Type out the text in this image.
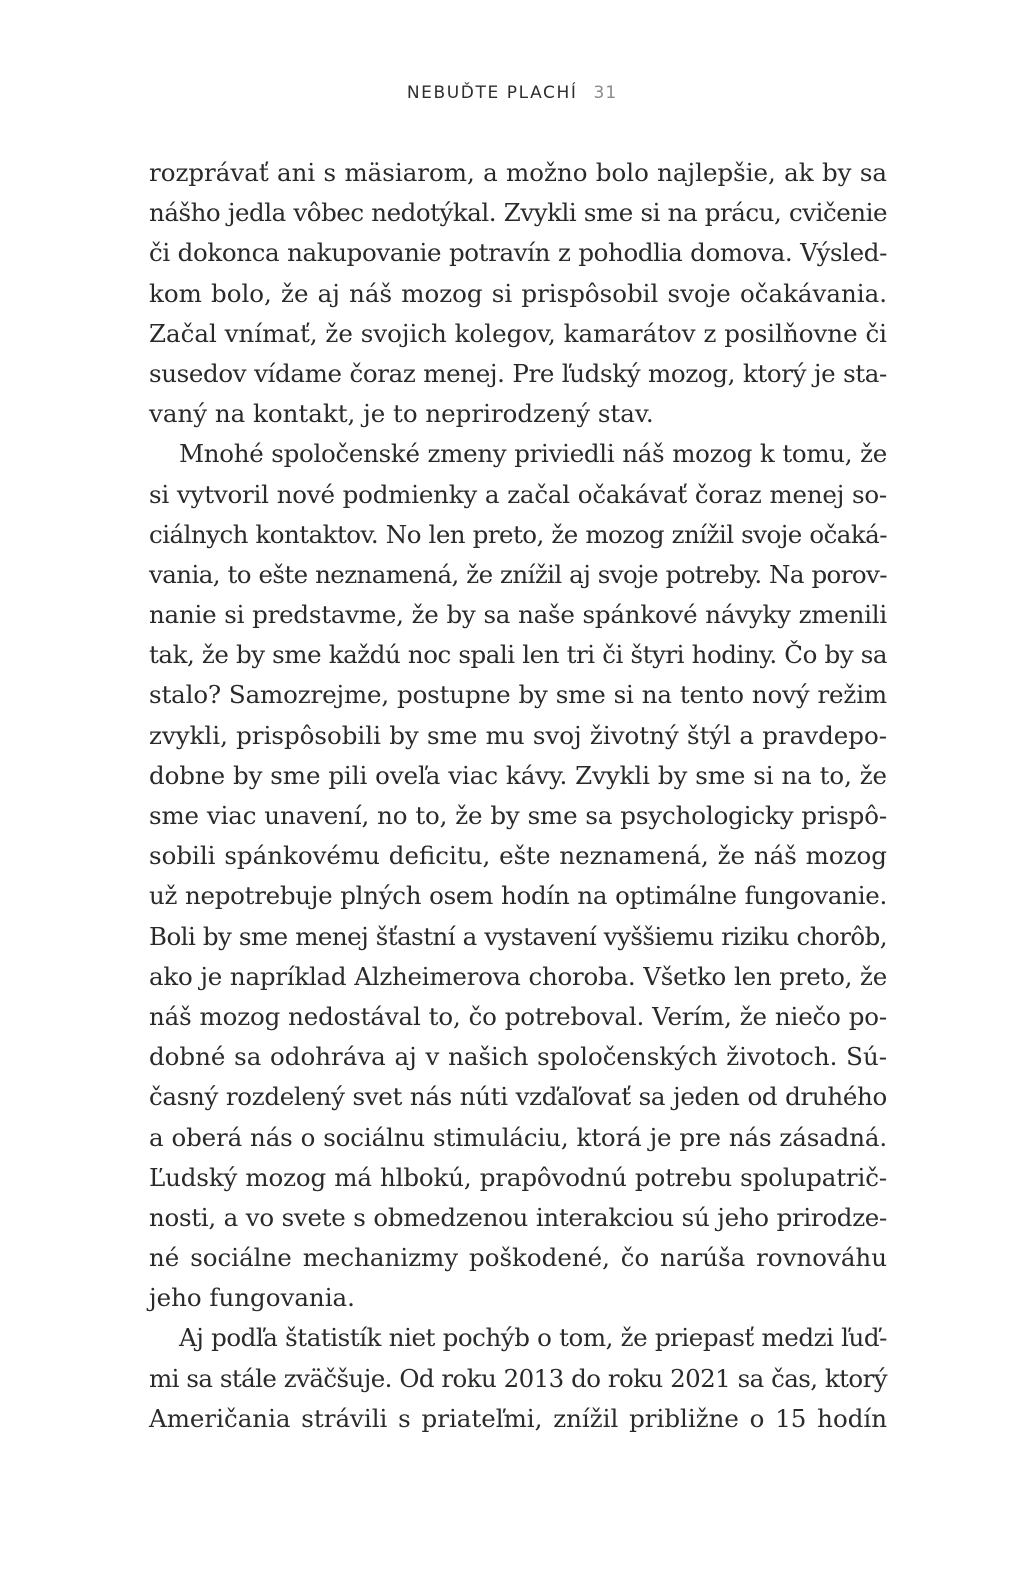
NEBUĎTE PLACHÍ 31
rozprávať ani s mäsiarom, a možno bolo najlepšie, ak by sa
nášho jedla vôbec nedotýkal. Zvykli sme si na prácu, cvičenie
či dokonca nakupovanie potravín z pohodlia domova. Výsled-
kom bolo, že aj náš mozog si prispôsobil svoje očakávania.
Začal vnímať, že svojich kolegov, kamarátov z posilňovne či
susedov vídame čoraz menej. Pre ľudský mozog, ktorý je sta-
vaný na kontakt, je to neprirodzený stav.
Mnohé spoločenské zmeny priviedli náš mozog k tomu, že
si vytvoril nové podmienky a začal očakávať čoraz menej so-
ciálnych kontaktov. No len preto, že mozog znížil svoje očaká-
vania, to ešte neznamená, že znížil aj svoje potreby. Na porov-
nanie si predstavme, že by sa naše spánkové návyky zmenili
tak, že by sme každú noc spali len tri či štyri hodiny. Čo by sa
stalo? Samozrejme, postupne by sme si na tento nový režim
zvykli, prispôsobili by sme mu svoj životný štýl a pravdepo-
dobne by sme pili oveľa viac kávy. Zvykli by sme si na to, že
sme viac unavení, no to, že by sme sa psychologicky prispô-
sobili spánkovému deficitu, ešte neznamená, že náš mozog
už nepotrebuje plných osem hodín na optimálne fungovanie.
Boli by sme menej šťastní a vystavení vyššiemu riziku chorôb,
ako je napríklad Alzheimerova choroba. Všetko len preto, že
náš mozog nedostával to, čo potreboval. Verím, že niečo po-
dobné sa odohráva aj v našich spoločenských životoch. Sú-
časný rozdelený svet nás núti vzďaľovať sa jeden od druhého
a oberá nás o sociálnu stimuláciu, ktorá je pre nás zásadná.
Ľudský mozog má hlbokú, prapôvodnú potrebu spolupatrič-
nosti, a vo svete s obmedzenou interakciou sú jeho prirodze-
né sociálne mechanizmy poškodené, čo narúša rovnováhu
jeho fungovania.
Aj podľa štatistík niet pochýb o tom, že priepasť medzi ľuď-
mi sa stále zväčšuje. Od roku 2013 do roku 2021 sa čas, ktorý
Američania strávili s priateľmi, znížil približne o 15 hodín
